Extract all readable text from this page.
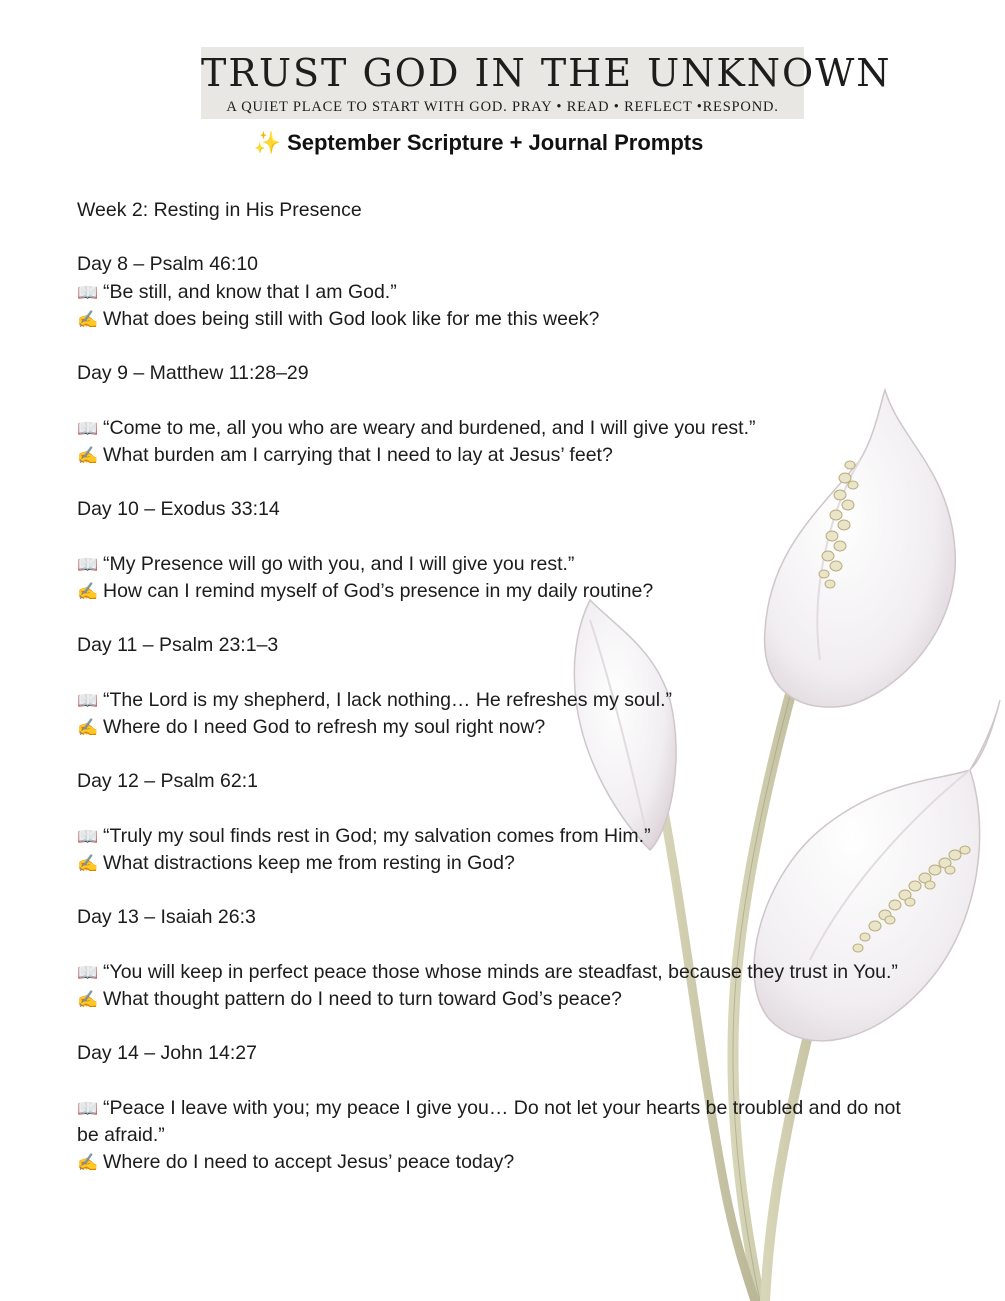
TRUST GOD IN THE UNKNOWN
A QUIET PLACE TO START WITH GOD. PRAY • READ • REFLECT •RESPOND.
✨ September Scripture + Journal Prompts

Week 2: Resting in His Presence

Day 8 – Psalm 46:10

📖 “Be still, and know that I am God.”

✍ What does being still with God look like for me this week?

Day 9 – Matthew 11:28–29

📖 “Come to me, all you who are weary and burdened, and I will give you rest.”

✍ What burden am I carrying that I need to lay at Jesus’ feet?

Day 10 – Exodus 33:14

📖 “My Presence will go with you, and I will give you rest.”

✍ How can I remind myself of God’s presence in my daily routine?

Day 11 – Psalm 23:1–3

📖 “The Lord is my shepherd, I lack nothing… He refreshes my soul.”

✍ Where do I need God to refresh my soul right now?

Day 12 – Psalm 62:1

📖 “Truly my soul finds rest in God; my salvation comes from Him.”

✍ What distractions keep me from resting in God?

Day 13 – Isaiah 26:3

📖 “You will keep in perfect peace those whose minds are steadfast, because they trust in You.”

✍ What thought pattern do I need to turn toward God’s peace?

Day 14 – John 14:27

📖 “Peace I leave with you; my peace I give you… Do not let your hearts be troubled and do not be afraid.”

✍ Where do I need to accept Jesus’ peace today?
